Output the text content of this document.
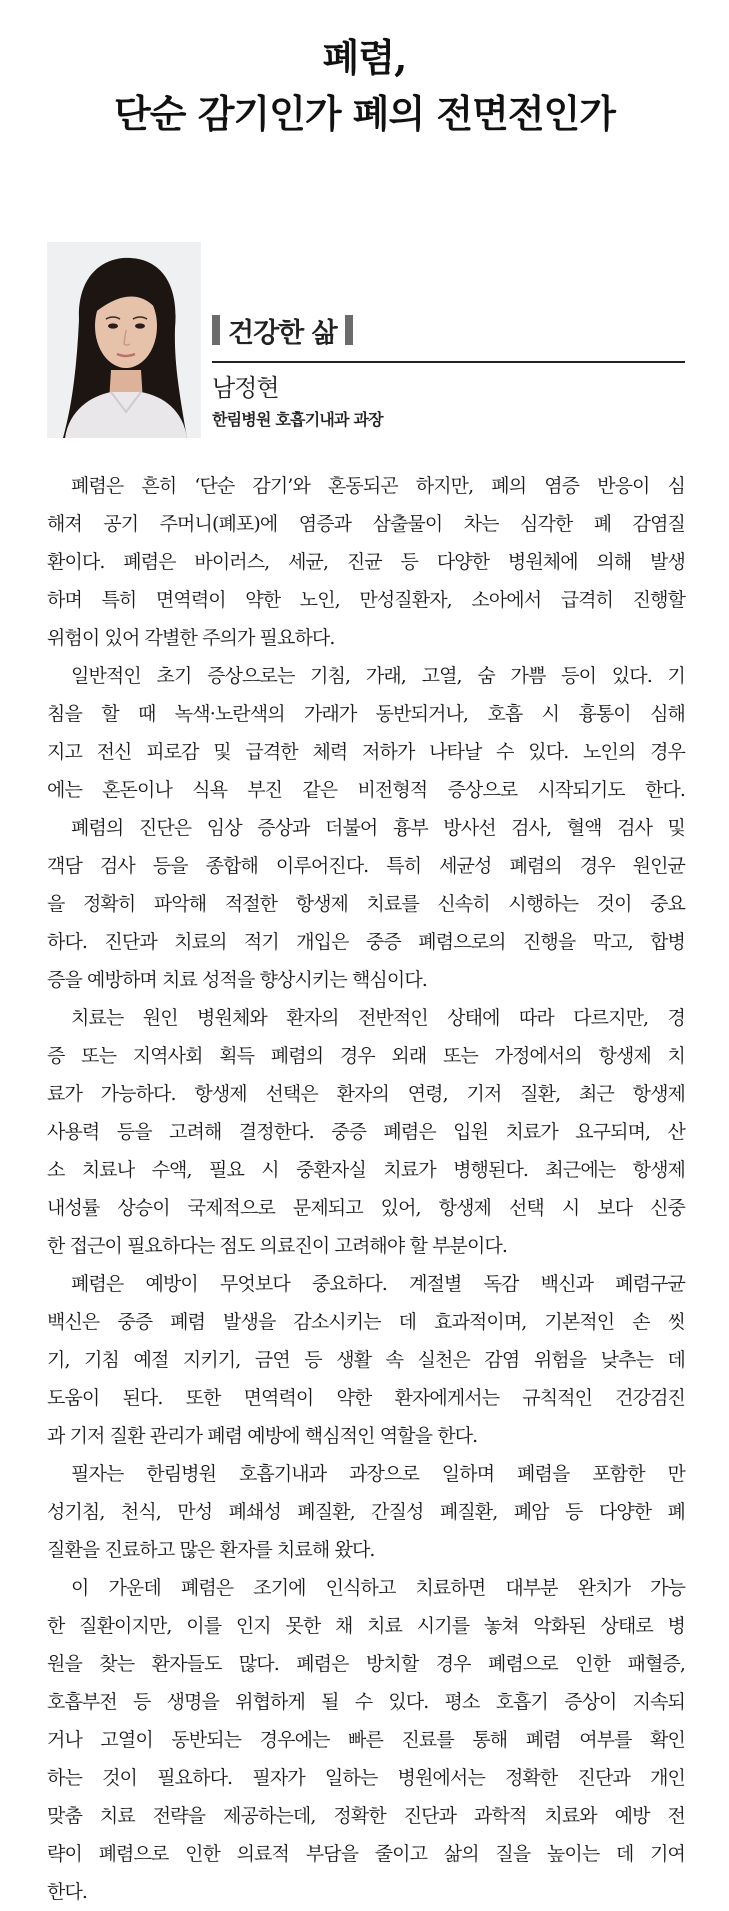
폐렴,
단순 감기인가 폐의 전면전인가
건강한 삶
남정현
한림병원 호흡기내과 과장
폐렴은 흔히 ‘단순 감기’와 혼동되곤 하지만, 폐의 염증 반응이 심
해져 공기 주머니(폐포)에 염증과 삼출물이 차는 심각한 폐 감염질
환이다. 폐렴은 바이러스, 세균, 진균 등 다양한 병원체에 의해 발생
하며 특히 면역력이 약한 노인, 만성질환자, 소아에서 급격히 진행할
위험이 있어 각별한 주의가 필요하다.
일반적인 초기 증상으로는 기침, 가래, 고열, 숨 가쁨 등이 있다. 기
침을 할 때 녹색·노란색의 가래가 동반되거나, 호흡 시 흉통이 심해
지고 전신 피로감 및 급격한 체력 저하가 나타날 수 있다. 노인의 경우
에는 혼돈이나 식욕 부진 같은 비전형적 증상으로 시작되기도 한다.
폐렴의 진단은 임상 증상과 더불어 흉부 방사선 검사, 혈액 검사 및
객담 검사 등을 종합해 이루어진다. 특히 세균성 폐렴의 경우 원인균
을 정확히 파악해 적절한 항생제 치료를 신속히 시행하는 것이 중요
하다. 진단과 치료의 적기 개입은 중증 폐렴으로의 진행을 막고, 합병
증을 예방하며 치료 성적을 향상시키는 핵심이다.
치료는 원인 병원체와 환자의 전반적인 상태에 따라 다르지만, 경
증 또는 지역사회 획득 폐렴의 경우 외래 또는 가정에서의 항생제 치
료가 가능하다. 항생제 선택은 환자의 연령, 기저 질환, 최근 항생제
사용력 등을 고려해 결정한다. 중증 폐렴은 입원 치료가 요구되며, 산
소 치료나 수액, 필요 시 중환자실 치료가 병행된다. 최근에는 항생제
내성률 상승이 국제적으로 문제되고 있어, 항생제 선택 시 보다 신중
한 접근이 필요하다는 점도 의료진이 고려해야 할 부분이다.
폐렴은 예방이 무엇보다 중요하다. 계절별 독감 백신과 폐렴구균
백신은 중증 폐렴 발생을 감소시키는 데 효과적이며, 기본적인 손 씻
기, 기침 예절 지키기, 금연 등 생활 속 실천은 감염 위험을 낮추는 데
도움이 된다. 또한 면역력이 약한 환자에게서는 규칙적인 건강검진
과 기저 질환 관리가 폐렴 예방에 핵심적인 역할을 한다.
필자는 한림병원 호흡기내과 과장으로 일하며 폐렴을 포함한 만
성기침, 천식, 만성 폐쇄성 폐질환, 간질성 폐질환, 폐암 등 다양한 폐
질환을 진료하고 많은 환자를 치료해 왔다.
이 가운데 폐렴은 조기에 인식하고 치료하면 대부분 완치가 가능
한 질환이지만, 이를 인지 못한 채 치료 시기를 놓쳐 악화된 상태로 병
원을 찾는 환자들도 많다. 폐렴은 방치할 경우 폐렴으로 인한 패혈증,
호흡부전 등 생명을 위협하게 될 수 있다. 평소 호흡기 증상이 지속되
거나 고열이 동반되는 경우에는 빠른 진료를 통해 폐렴 여부를 확인
하는 것이 필요하다. 필자가 일하는 병원에서는 정확한 진단과 개인
맞춤 치료 전략을 제공하는데, 정확한 진단과 과학적 치료와 예방 전
략이 폐렴으로 인한 의료적 부담을 줄이고 삶의 질을 높이는 데 기여
한다.
